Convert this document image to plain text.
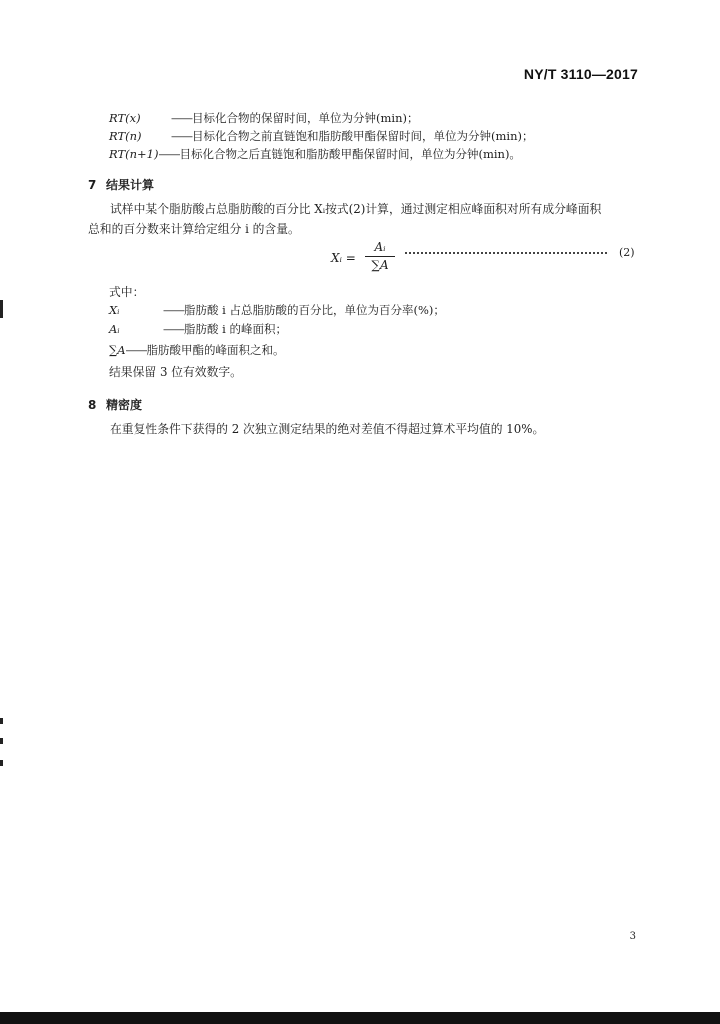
NY/T 3110—2017
RT(x)	——目标化合物的保留时间，单位为分钟(min)；
RT(n)	——目标化合物之前直链饱和脂肪酸甲酯保留时间，单位为分钟(min)；
RT(n+1)——目标化合物之后直链饱和脂肪酸甲酯保留时间，单位为分钟(min)。
7 结果计算
试样中某个脂肪酸占总脂肪酸的百分比 Xᵢ按式(2)计算，通过测定相应峰面积对所有成分峰面积
总和的百分数来计算给定组分 i 的含量。
Xᵢ =
Aᵢ
∑A
(2)
式中：
Xᵢ	——脂肪酸 i 占总脂肪酸的百分比，单位为百分率(%)；
Aᵢ	——脂肪酸 i 的峰面积；
∑A——脂肪酸甲酯的峰面积之和。
结果保留 3 位有效数字。
8 精密度
在重复性条件下获得的 2 次独立测定结果的绝对差值不得超过算术平均值的 10%。
3
